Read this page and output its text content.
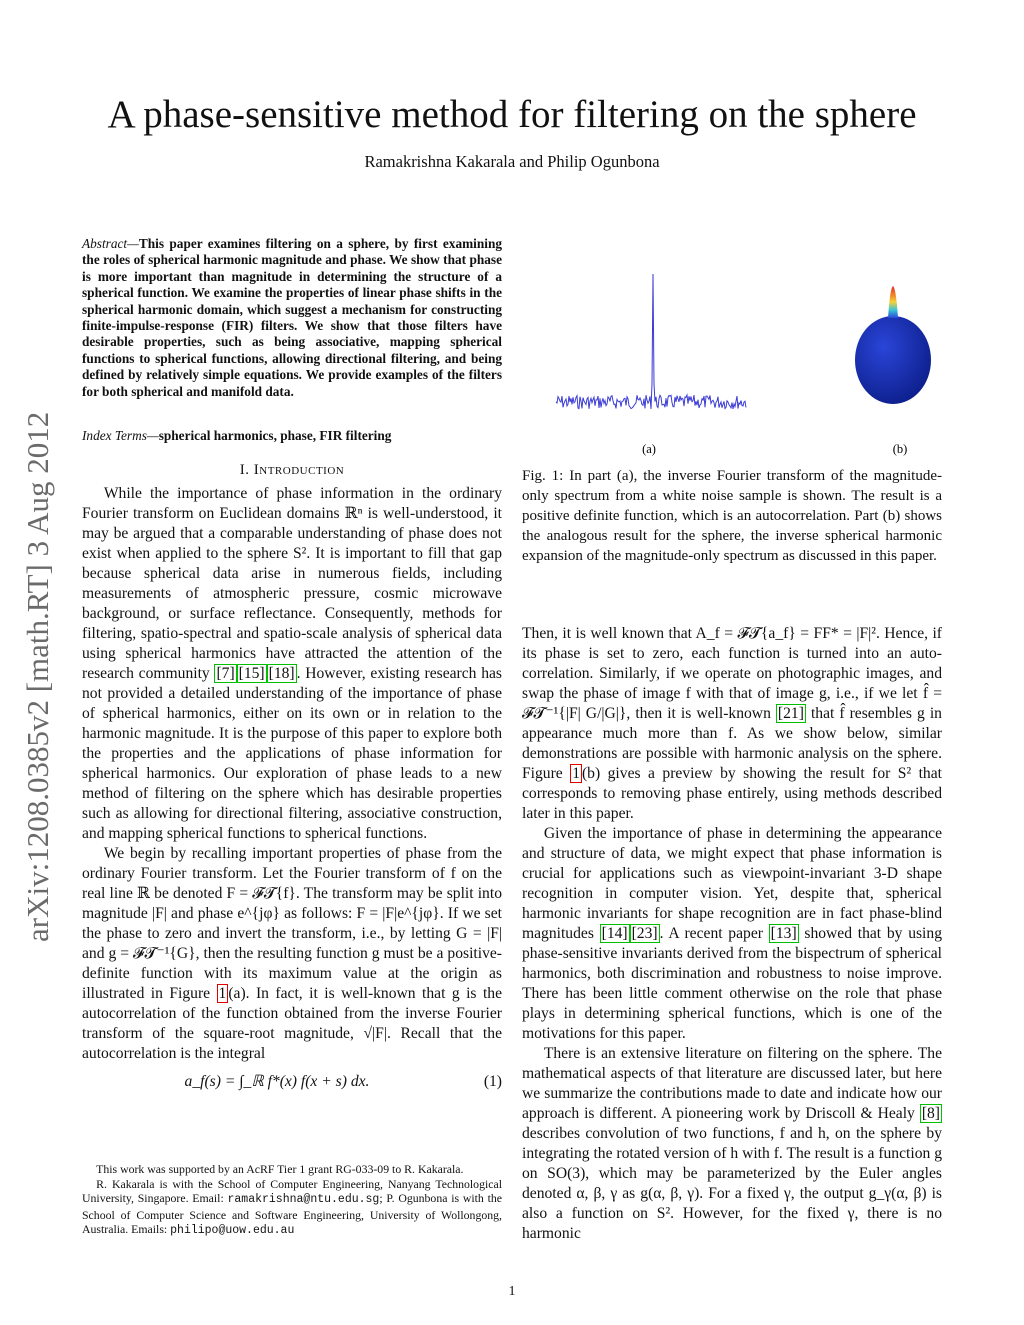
arXiv:1208.0385v2 [math.RT] 3 Aug 2012
A phase-sensitive method for filtering on the sphere
Ramakrishna Kakarala and Philip Ogunbona
Abstract—This paper examines filtering on a sphere, by first examining the roles of spherical harmonic magnitude and phase. We show that phase is more important than magnitude in determining the structure of a spherical function. We examine the properties of linear phase shifts in the spherical harmonic domain, which suggest a mechanism for constructing finite-impulse-response (FIR) filters. We show that those filters have desirable properties, such as being associative, mapping spherical functions to spherical functions, allowing directional filtering, and being defined by relatively simple equations. We provide examples of the filters for both spherical and manifold data.
Index Terms—spherical harmonics, phase, FIR filtering
I. Introduction

While the importance of phase information in the ordinary Fourier transform on Euclidean domains ℝⁿ is well-understood, it may be argued that a comparable understanding of phase does not exist when applied to the sphere S². It is important to fill that gap because spherical data arise in numerous fields, including measurements of atmospheric pressure, cosmic microwave background, or surface reflectance. Consequently, methods for filtering, spatio-spectral and spatio-scale analysis of spherical data using spherical harmonics have attracted the attention of the research community [7] [15] [18] . However, existing research has not provided a detailed understanding of the importance of phase of spherical harmonics, either on its own or in relation to the harmonic magnitude. It is the purpose of this paper to explore both the properties and the applications of phase information for spherical harmonics. Our exploration of phase leads to a new method of filtering on the sphere which has desirable properties such as allowing for directional filtering, associative construction, and mapping spherical functions to spherical functions.

We begin by recalling important properties of phase from the ordinary Fourier transform. Let the Fourier transform of f on the real line ℝ be denoted F = 𝓕𝓣{f}. The transform may be split into magnitude |F| and phase e^{jφ} as follows: F = |F|e^{jφ}. If we set the phase to zero and invert the transform, i.e., by letting G = |F| and g = 𝓕𝓣⁻¹{G}, then the resulting function g must be a positive-definite function with its maximum value at the origin as illustrated in Figure 1 (a). In fact, it is well-known that g is the autocorrelation of the function obtained from the inverse Fourier transform of the square-root magnitude, √|F|. Recall that the autocorrelation is the integral

a_f(s) = ∫_ℝ f*(x) f(x + s) dx.	(1)

This work was supported by an AcRF Tier 1 grant RG-033-09 to R. Kakarala.

R. Kakarala is with the School of Computer Engineering, Nanyang Technological University, Singapore. Email: ramakrishna@ntu.edu.sg; P. Ogunbona is with the School of Computer Science and Software Engineering, University of Wollongong, Australia. Emails: philipo@uow.edu.au

(a)	(b)
Fig. 1: In part (a), the inverse Fourier transform of the magnitude-only spectrum from a white noise sample is shown. The result is a positive definite function, which is an autocorrelation. Part (b) shows the analogous result for the sphere, the inverse spherical harmonic expansion of the magnitude-only spectrum as discussed in this paper.

Then, it is well known that A_f = 𝓕𝓣{a_f} = FF* = |F|². Hence, if its phase is set to zero, each function is turned into an auto-correlation. Similarly, if we operate on photographic images, and swap the phase of image f with that of image g, i.e., if we let f̂ = 𝓕𝓣⁻¹{|F| G/|G|}, then it is well-known [21] that f̂ resembles g in appearance much more than f. As we show below, similar demonstrations are possible with harmonic analysis on the sphere. Figure 1 (b) gives a preview by showing the result for S² that corresponds to removing phase entirely, using methods described later in this paper.

Given the importance of phase in determining the appearance and structure of data, we might expect that phase information is crucial for applications such as viewpoint-invariant 3-D shape recognition in computer vision. Yet, despite that, spherical harmonic invariants for shape recognition are in fact phase-blind magnitudes [14] [23] . A recent paper [13] showed that by using phase-sensitive invariants derived from the bispectrum of spherical harmonics, both discrimination and robustness to noise improve. There has been little comment otherwise on the role that phase plays in determining spherical functions, which is one of the motivations for this paper.

There is an extensive literature on filtering on the sphere. The mathematical aspects of that literature are discussed later, but here we summarize the contributions made to date and indicate how our approach is different. A pioneering work by Driscoll & Healy [8] describes convolution of two functions, f and h, on the sphere by integrating the rotated version of h with f. The result is a function g on SO(3), which may be parameterized by the Euler angles denoted α, β, γ as g(α, β, γ). For a fixed γ, the output g_γ(α, β) is also a function on S². However, for the fixed γ, there is no harmonic

1
